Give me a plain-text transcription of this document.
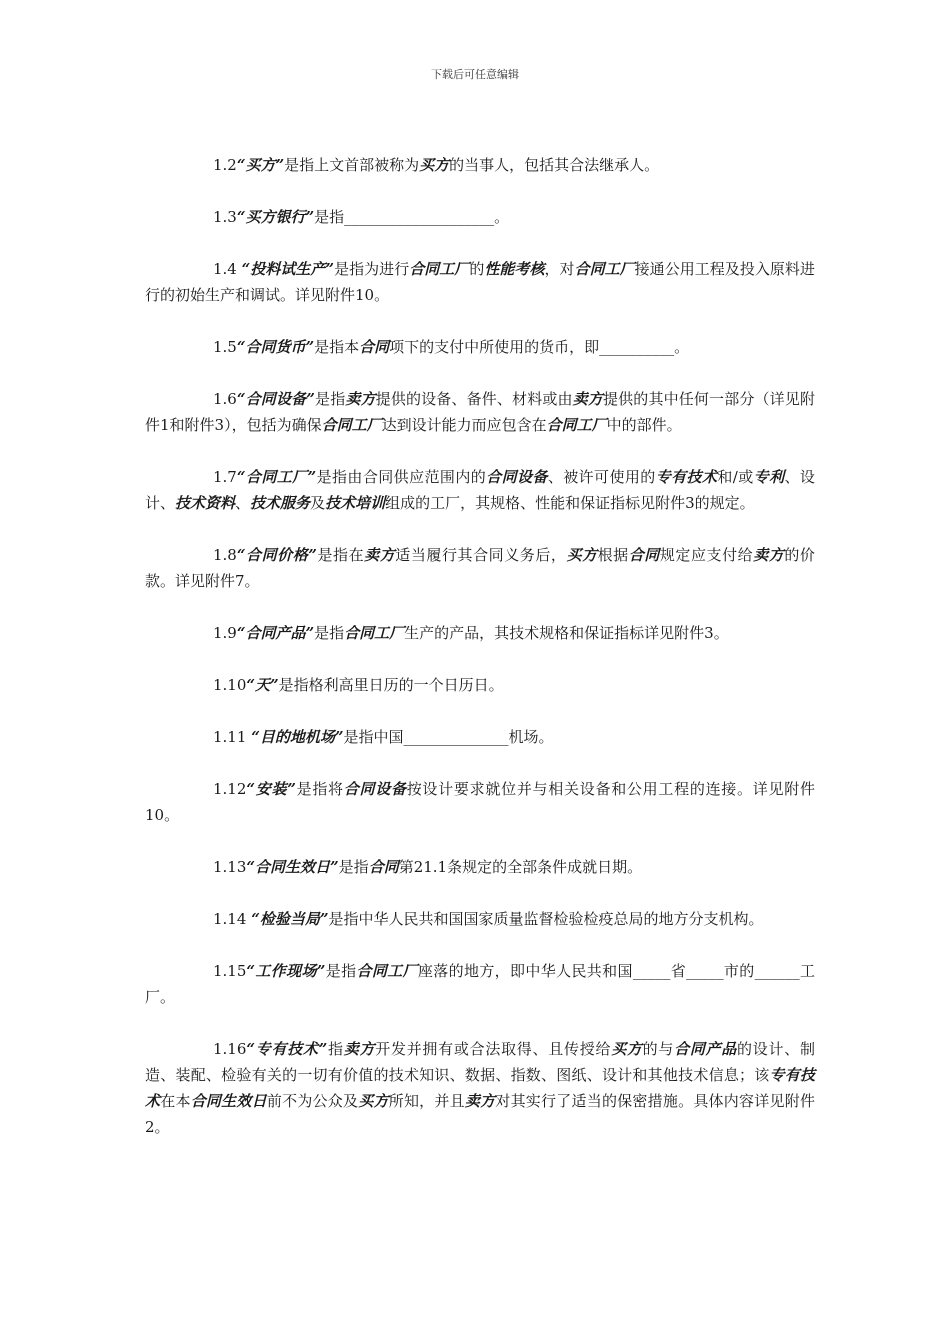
下载后可任意编辑

1.2“买方”是指上文首部被称为买方的当事人，包括其合法继承人。

1.3“买方银行”是指____________________。

1.4 “投料试生产”是指为进行合同工厂的性能考核，对合同工厂接通公用工程及投入原料进行的初始生产和调试。详见附件10。

1.5“合同货币”是指本合同项下的支付中所使用的货币，即__________。

1.6“合同设备”是指卖方提供的设备、备件、材料或由卖方提供的其中任何一部分（详见附件1和附件3），包括为确保合同工厂达到设计能力而应包含在合同工厂中的部件。

1.7“合同工厂”是指由合同供应范围内的合同设备、被许可使用的专有技术和/或专利、设计、技术资料、技术服务及技术培训组成的工厂，其规格、性能和保证指标见附件3的规定。

1.8“合同价格”是指在卖方适当履行其合同义务后，买方根据合同规定应支付给卖方的价款。详见附件7。

1.9“合同产品”是指合同工厂生产的产品，其技术规格和保证指标详见附件3。

1.10“天”是指格利高里日历的一个日历日。

1.11 “目的地机场”是指中国______________机场。

1.12“安装”是指将合同设备按设计要求就位并与相关设备和公用工程的连接。详见附件10。

1.13“合同生效日”是指合同第21.1条规定的全部条件成就日期。

1.14 “检验当局”是指中华人民共和国国家质量监督检验检疫总局的地方分支机构。

1.15“工作现场”是指合同工厂座落的地方，即中华人民共和国_____省_____市的______工厂。

1.16“专有技术”指卖方开发并拥有或合法取得、且传授给买方的与合同产品的设计、制造、装配、检验有关的一切有价值的技术知识、数据、指数、图纸、设计和其他技术信息；该专有技术在本合同生效日前不为公众及买方所知，并且卖方对其实行了适当的保密措施。具体内容详见附件2。
